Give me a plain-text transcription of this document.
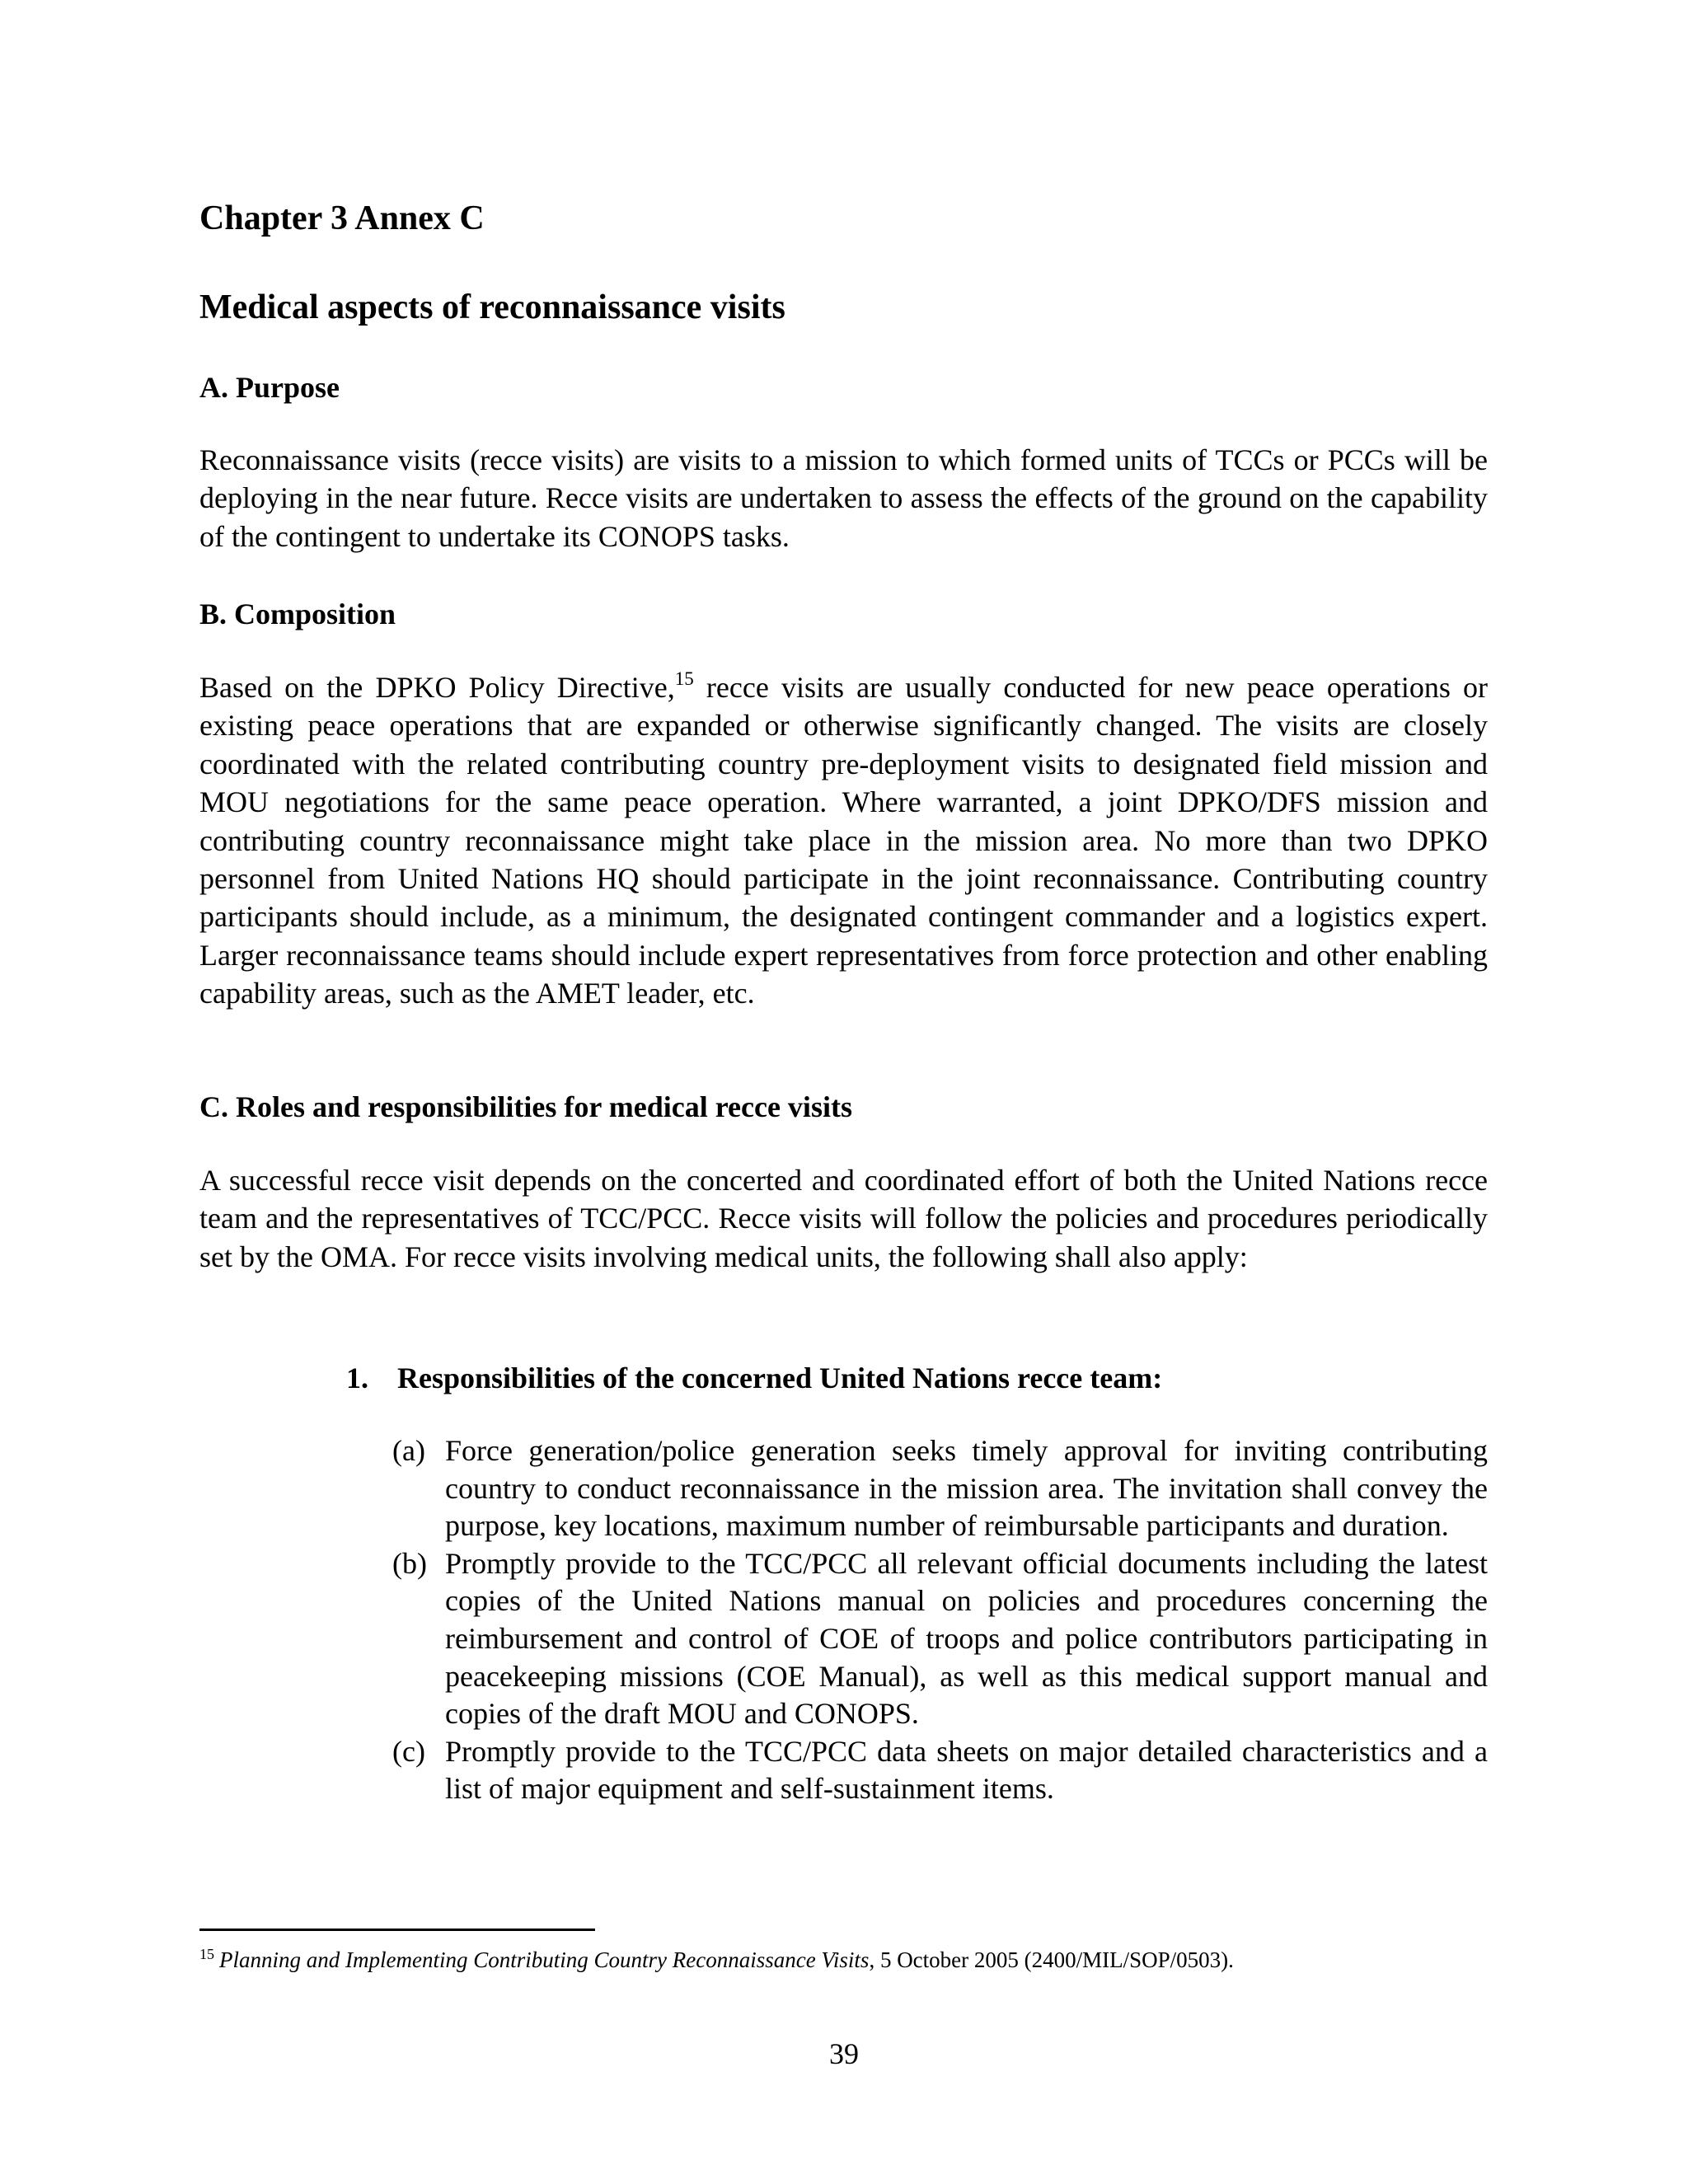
Chapter 3 Annex C
Medical aspects of reconnaissance visits
A. Purpose

Reconnaissance visits (recce visits) are visits to a mission to which formed units of TCCs or PCCs will be deploying in the near future. Recce visits are undertaken to assess the effects of the ground on the capability of the contingent to undertake its CONOPS tasks.

B. Composition

Based on the DPKO Policy Directive,$^{15}$ recce visits are usually conducted for new peace operations or existing peace operations that are expanded or otherwise significantly changed. The visits are closely coordinated with the related contributing country pre-deployment visits to designated field mission and MOU negotiations for the same peace operation. Where warranted, a joint DPKO/DFS mission and contributing country reconnaissance might take place in the mission area. No more than two DPKO personnel from United Nations HQ should participate in the joint reconnaissance. Contributing country participants should include, as a minimum, the designated contingent commander and a logistics expert. Larger reconnaissance teams should include expert representatives from force protection and other enabling capability areas, such as the AMET leader, etc.

C. Roles and responsibilities for medical recce visits

A successful recce visit depends on the concerted and coordinated effort of both the United Nations recce team and the representatives of TCC/PCC. Recce visits will follow the policies and procedures periodically set by the OMA. For recce visits involving medical units, the following shall also apply:

1. Responsibilities of the concerned United Nations recce team:
(a) Force generation/police generation seeks timely approval for inviting contributing country to conduct reconnaissance in the mission area. The invitation shall convey the purpose, key locations, maximum number of reimbursable participants and duration.
(b) Promptly provide to the TCC/PCC all relevant official documents including the latest copies of the United Nations manual on policies and procedures concerning the reimbursement and control of COE of troops and police contributors participating in peacekeeping missions (COE Manual), as well as this medical support manual and copies of the draft MOU and CONOPS.
(c) Promptly provide to the TCC/PCC data sheets on major detailed characteristics and a list of major equipment and self-sustainment items.
$^{15}$ Planning and Implementing Contributing Country Reconnaissance Visits, 5 October 2005 (2400/MIL/SOP/0503).
39
